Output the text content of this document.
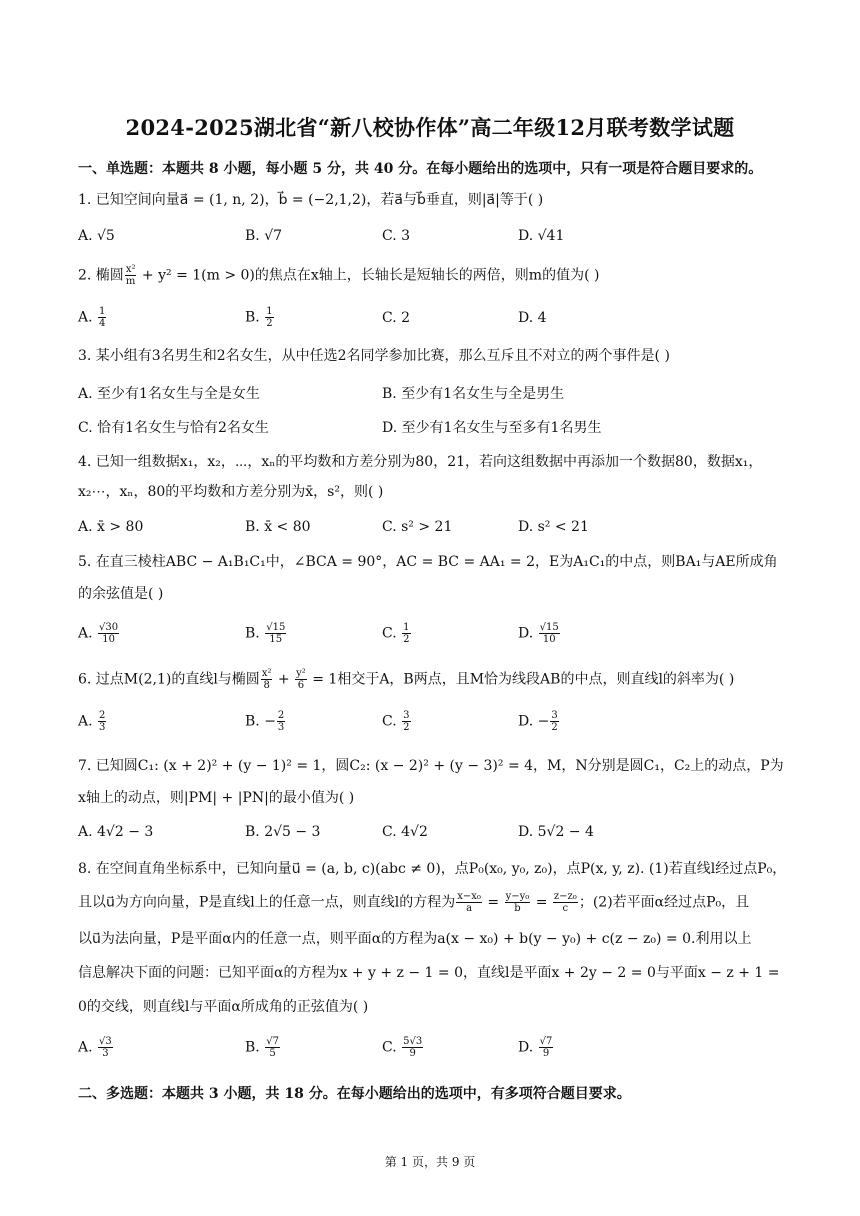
2024-2025湖北省“新八校协作体”高二年级12月联考数学试题
一、单选题：本题共 8 小题，每小题 5 分，共 40 分。在每小题给出的选项中，只有一项是符合题目要求的。
1. 已知空间向量a⃗ = (1, n, 2)，b⃗ = (−2,1,2)，若a⃗与b⃗垂直，则|a⃗|等于( )
A. √5	B. √7	C. 3	D. √41
2. 椭圆 $\frac{\text{x²}}{m} + y^2 = 1(m > 0)$的焦点在x轴上，长轴长是短轴长的两倍，则m的值为( )
A. $\frac{1}{4}$	B. $\frac{1}{2}$	C. 2	D. 4
3. 某小组有3名男生和2名女生，从中任选2名同学参加比赛，那么互斥且不对立的两个事件是( )
A. 至少有1名女生与全是女生	B. 至少有1名女生与全是男生
C. 恰有1名女生与恰有2名女生	D. 至少有1名女生与至多有1名男生
4. 已知一组数据x₁，x₂，⋯，xₙ的平均数和方差分别为80，21，若向这组数据中再添加一个数据80，数据x₁，
x₂⋯，xₙ，80的平均数和方差分别为x̄，s²，则( )
A. x̄ > 80	B. x̄ < 80	C. s² > 21	D. s² < 21
5. 在直三棱柱ABC − A₁B₁C₁中，∠BCA = 90°，AC = BC = AA₁ = 2，E为A₁C₁的中点，则BA₁与AE所成角
的余弦值是( )
A. $\frac{√30}{10}$	B. $\frac{√15}{15}$	C. $\frac{1}{2}$	D. $\frac{√15}{10}$
6. 过点M(2,1)的直线l与椭圆 $\frac{\text{x²}}{8} + \frac{\text{y²}}{6} = 1$相交于A，B两点，且M恰为线段AB的中点，则直线l的斜率为( )
A. $\frac{2}{3}$	B. − $\frac{2}{3}$	C. $\frac{3}{2}$	D. − $\frac{3}{2}$
7. 已知圆C₁: (x + 2)² + (y − 1)² = 1，圆C₂: (x − 2)² + (y − 3)² = 4，M，N分别是圆C₁，C₂上的动点，P为
x轴上的动点，则|PM| + |PN|的最小值为( )
A. 4√2 − 3	B. 2√5 − 3	C. 4√2	D. 5√2 − 4
8. 在空间直角坐标系中，已知向量u⃗ = (a, b, c)(abc ≠ 0)，点P₀(x₀, y₀, z₀)，点P(x, y, z). (1)若直线l经过点P₀，
且以u⃗为方向向量，P是直线l上的任意一点，则直线l的方程为 $\frac{\text{x−x₀}}{a} = \frac{\text{y−y₀}}{b} = \frac{\text{z−z₀}}{c}$ ；(2)若平面α经过点P₀，且
以u⃗为法向量，P是平面α内的任意一点，则平面α的方程为a(x − x₀) + b(y − y₀) + c(z − z₀) = 0.利用以上
信息解决下面的问题：已知平面α的方程为x + y + z − 1 = 0，直线l是平面x + 2y − 2 = 0与平面x − z + 1 =
0的交线，则直线l与平面α所成角的正弦值为( )
A. $\frac{√3}{3}$	B. $\frac{√7}{5}$	C. $\frac{5√3}{9}$	D. $\frac{√7}{9}$
二、多选题：本题共 3 小题，共 18 分。在每小题给出的选项中，有多项符合题目要求。
第 1 页，共 9 页
